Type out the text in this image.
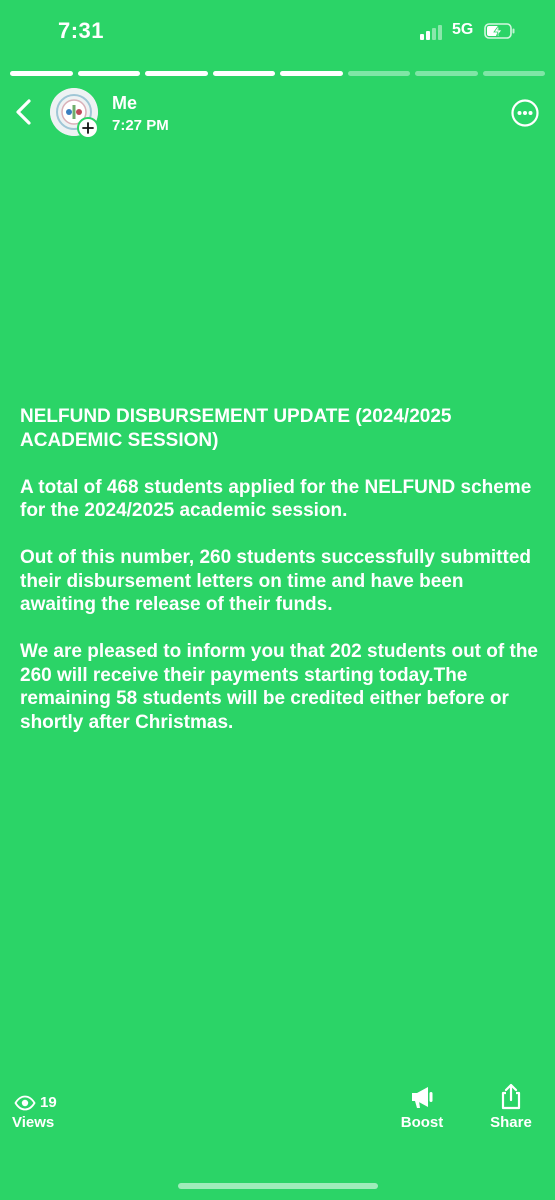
7:31	5G
Me
7:27 PM

NELFUND DISBURSEMENT UPDATE (2024/2025 ACADEMIC SESSION)

A total of 468 students applied for the NELFUND scheme for the 2024/2025 academic session.

Out of this number, 260 students successfully submitted their disbursement letters on time and have been awaiting the release of their funds.

We are pleased to inform you that 202 students out of the 260 will receive their payments starting today.The remaining 58 students will be credited either before or shortly after Christmas.

19
Views	Boost	Share
